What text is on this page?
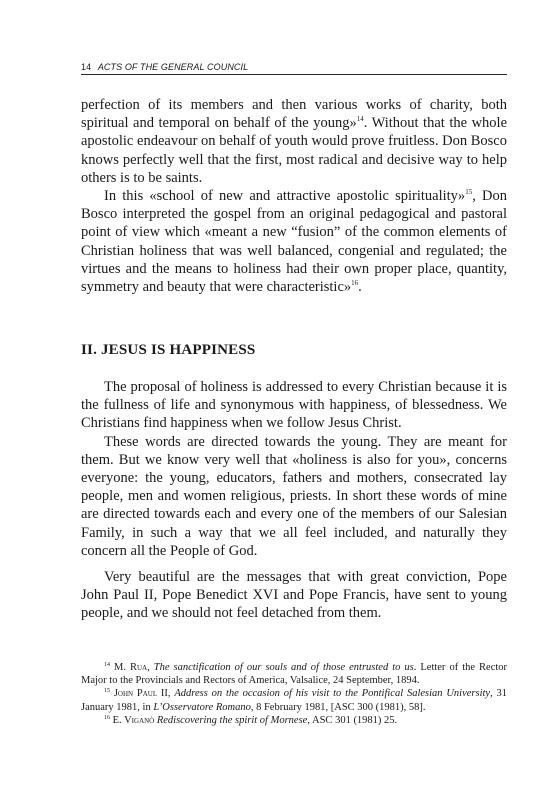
14 ACTS OF THE GENERAL COUNCIL

perfection of its members and then various works of charity, both spiritual and temporal on behalf of the young»$^{14}$. Without that the whole apostolic endeavour on behalf of youth would prove fruitless. Don Bosco knows perfectly well that the first, most radical and decisive way to help others is to be saints.

In this «school of new and attractive apostolic spirituality»$^{15}$, Don Bosco interpreted the gospel from an original pedagogical and pastoral point of view which «meant a new “fusion” of the common elements of Christian holiness that was well balanced, congenial and regulated; the virtues and the means to holiness had their own proper place, quantity, symmetry and beauty that were characteristic»$^{16}$.

II. JESUS IS HAPPINESS

The proposal of holiness is addressed to every Christian because it is the fullness of life and synonymous with happiness, of blessedness. We Christians find happiness when we follow Jesus Christ.

These words are directed towards the young. They are meant for them. But we know very well that «holiness is also for you», concerns everyone: the young, educators, fathers and mothers, consecrated lay people, men and women religious, priests. In short these words of mine are directed towards each and every one of the members of our Salesian Family, in such a way that we all feel included, and naturally they concern all the People of God.

Very beautiful are the messages that with great conviction, Pope John Paul II, Pope Benedict XVI and Pope Francis, have sent to young people, and we should not feel detached from them.

$^{14}$ M. Rua, The sanctification of our souls and of those entrusted to us. Letter of the Rector Major to the Provincials and Rectors of America, Valsalice, 24 September, 1894.

$^{15}$ John Paul II, Address on the occasion of his visit to the Pontifical Salesian University, 31 January 1981, in L’Osservatore Romano, 8 February 1981, [ASC 300 (1981), 58].

$^{16}$ E. Viganò Rediscovering the spirit of Mornese, ASC 301 (1981) 25.
